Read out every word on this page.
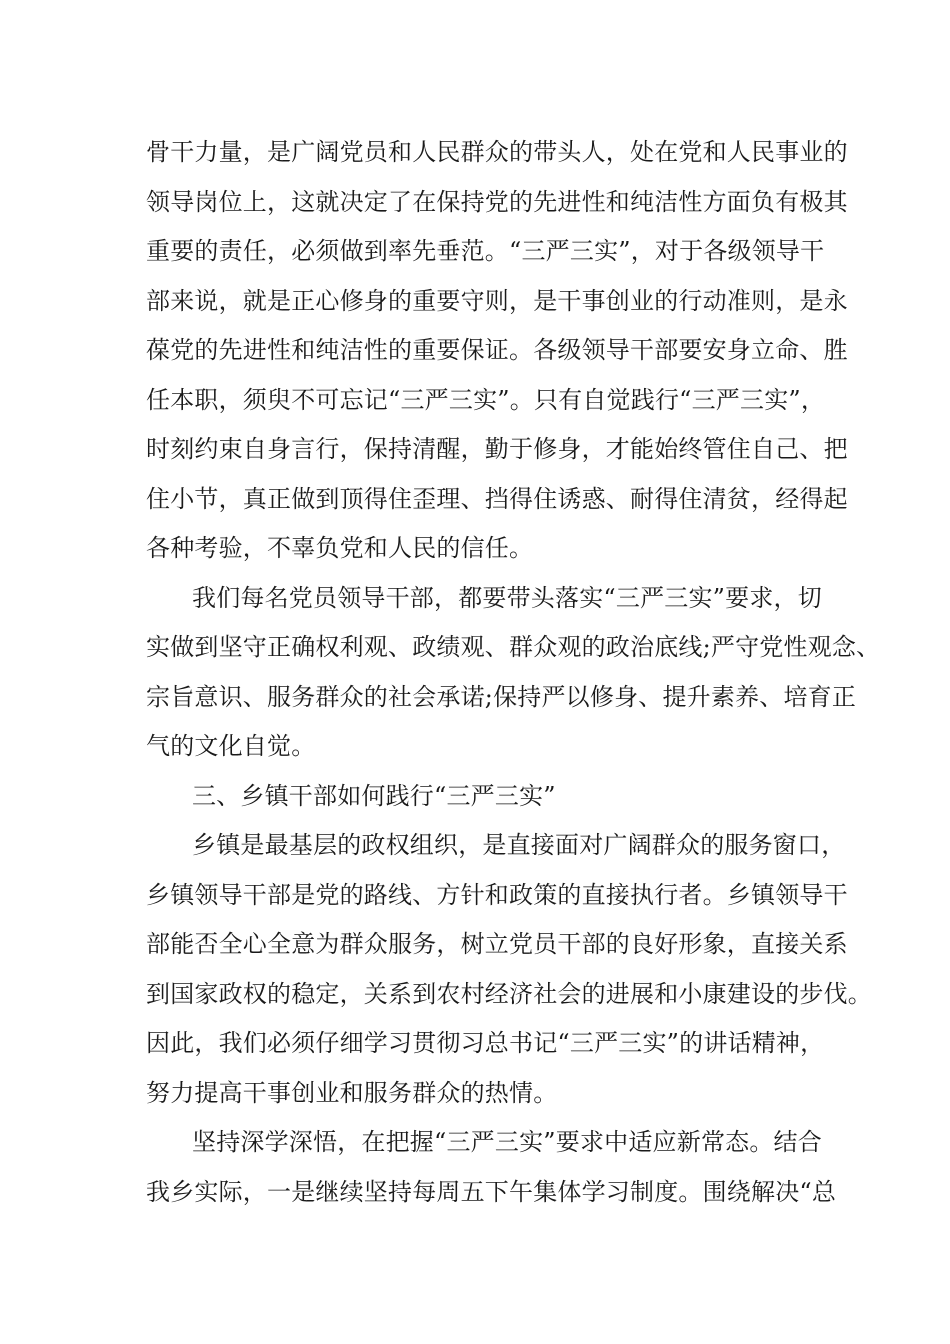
骨干力量，是广阔党员和人民群众的带头人，处在党和人民事业的
领导岗位上，这就决定了在保持党的先进性和纯洁性方面负有极其
重要的责任，必须做到率先垂范。“三严三实”，对于各级领导干
部来说，就是正心修身的重要守则，是干事创业的行动准则，是永
葆党的先进性和纯洁性的重要保证。各级领导干部要安身立命、胜
任本职，须臾不可忘记“三严三实”。只有自觉践行“三严三实”，
时刻约束自身言行，保持清醒，勤于修身，才能始终管住自己、把
住小节，真正做到顶得住歪理、挡得住诱惑、耐得住清贫，经得起
各种考验，不辜负党和人民的信任。
我们每名党员领导干部，都要带头落实“三严三实”要求，切
实做到坚守正确权利观、政绩观、群众观的政治底线;严守党性观念、
宗旨意识、服务群众的社会承诺;保持严以修身、提升素养、培育正
气的文化自觉。
三、乡镇干部如何践行“三严三实”
乡镇是最基层的政权组织，是直接面对广阔群众的服务窗口，
乡镇领导干部是党的路线、方针和政策的直接执行者。乡镇领导干
部能否全心全意为群众服务，树立党员干部的良好形象，直接关系
到国家政权的稳定，关系到农村经济社会的进展和小康建设的步伐。
因此，我们必须仔细学习贯彻习总书记“三严三实”的讲话精神，
努力提高干事创业和服务群众的热情。
坚持深学深悟，在把握“三严三实”要求中适应新常态。结合
我乡实际，一是继续坚持每周五下午集体学习制度。围绕解决“总
